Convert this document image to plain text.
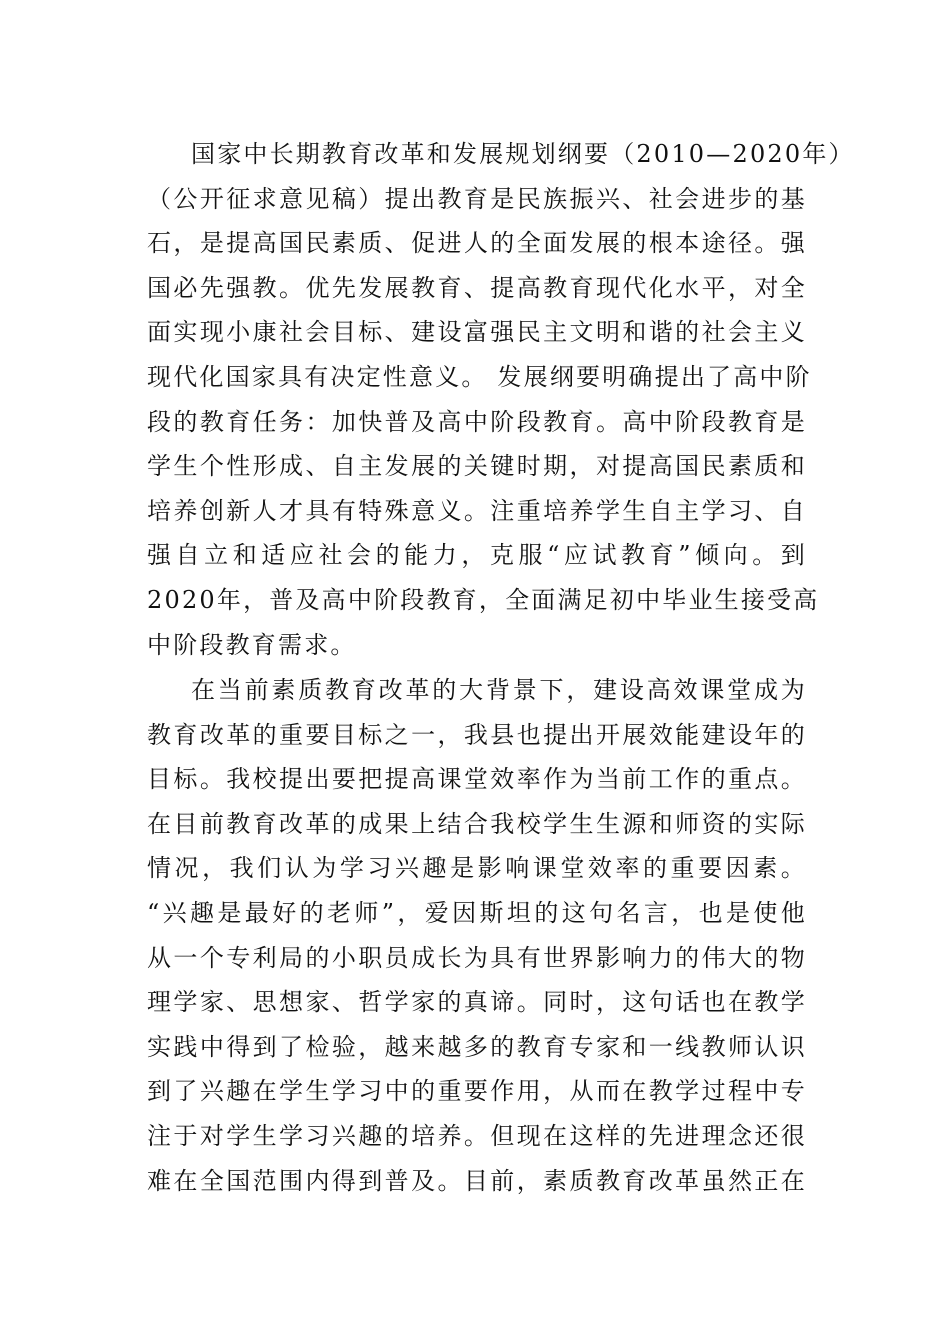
国家中长期教育改革和发展规划纲要（2010—2020年）
（公开征求意见稿）提出教育是民族振兴、社会进步的基
石，是提高国民素质、促进人的全面发展的根本途径。强
国必先强教。优先发展教育、提高教育现代化水平，对全
面实现小康社会目标、建设富强民主文明和谐的社会主义
现代化国家具有决定性意义。 发展纲要明确提出了高中阶
段的教育任务：加快普及高中阶段教育。高中阶段教育是
学生个性形成、自主发展的关键时期，对提高国民素质和
培养创新人才具有特殊意义。注重培养学生自主学习、自
强自立和适应社会的能力，克服“应试教育”倾向。到
2020年，普及高中阶段教育，全面满足初中毕业生接受高
中阶段教育需求。
在当前素质教育改革的大背景下，建设高效课堂成为
教育改革的重要目标之一，我县也提出开展效能建设年的
目标。我校提出要把提高课堂效率作为当前工作的重点。
在目前教育改革的成果上结合我校学生生源和师资的实际
情况，我们认为学习兴趣是影响课堂效率的重要因素。
“兴趣是最好的老师”，爱因斯坦的这句名言，也是使他
从一个专利局的小职员成长为具有世界影响力的伟大的物
理学家、思想家、哲学家的真谛。同时，这句话也在教学
实践中得到了检验，越来越多的教育专家和一线教师认识
到了兴趣在学生学习中的重要作用，从而在教学过程中专
注于对学生学习兴趣的培养。但现在这样的先进理念还很
难在全国范围内得到普及。目前，素质教育改革虽然正在
